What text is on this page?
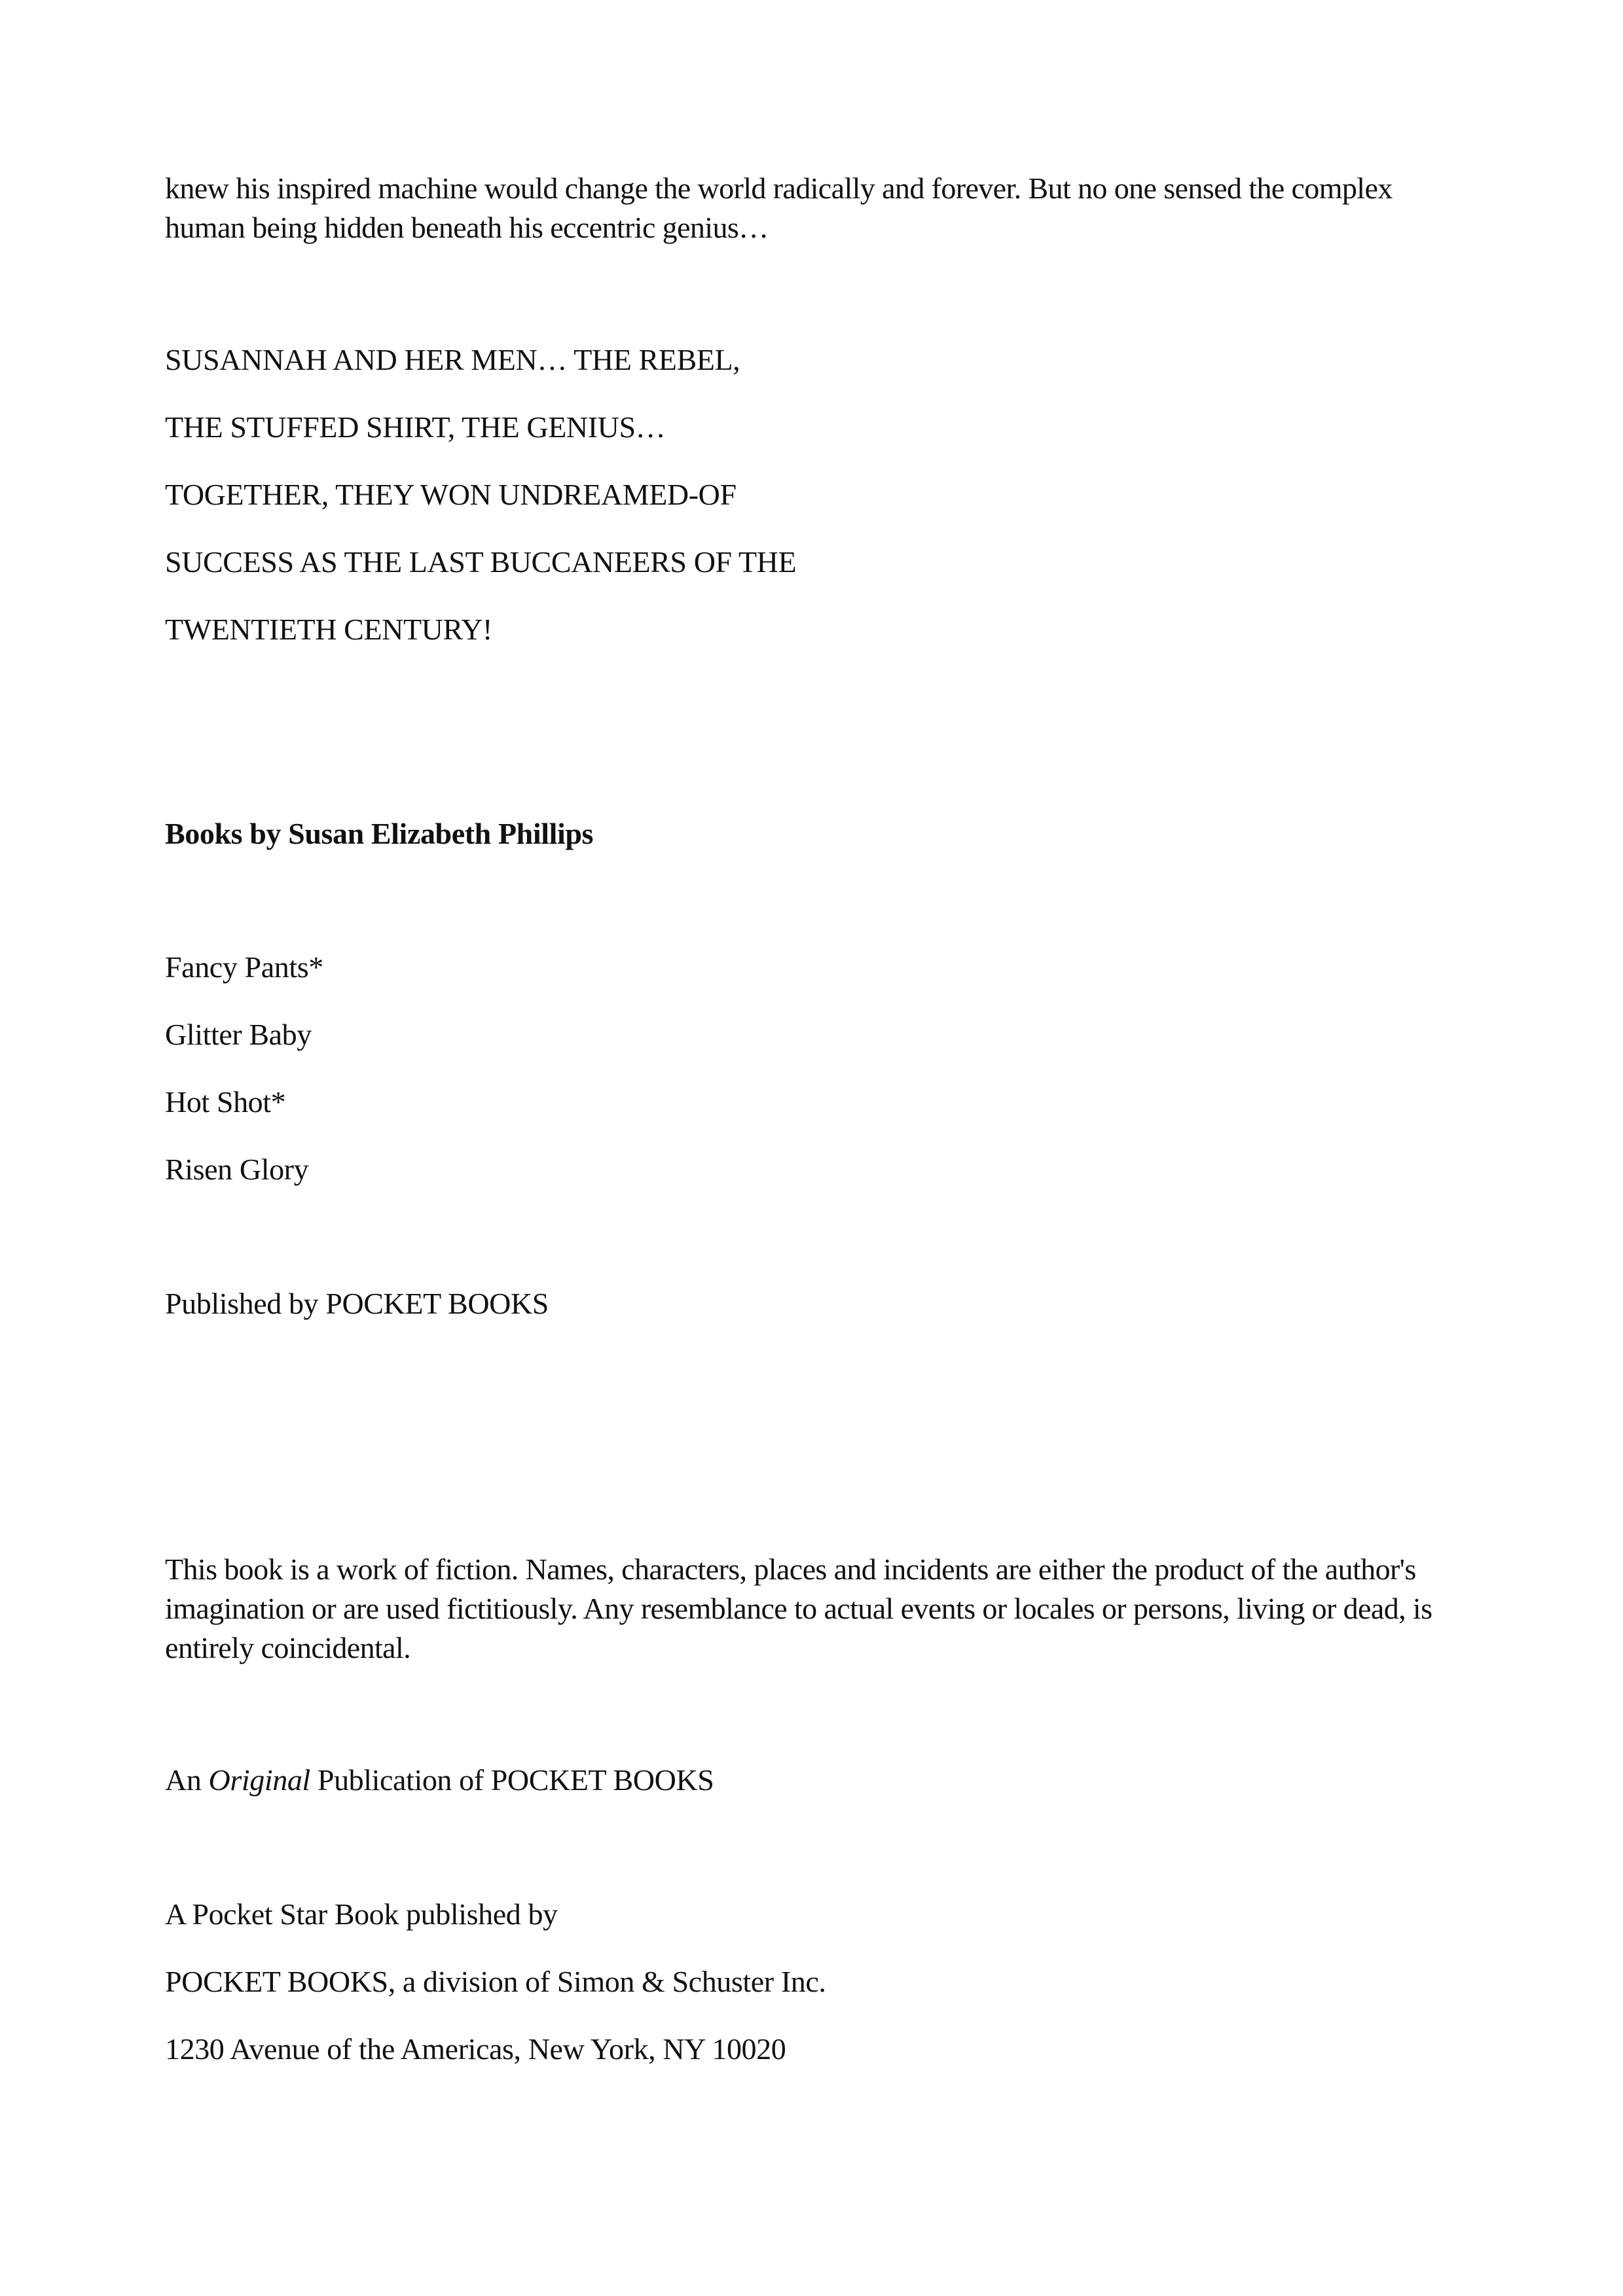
knew his inspired machine would change the world radically and forever. But no one sensed the complex human being hidden beneath his eccentric genius…
SUSANNAH AND HER MEN… THE REBEL,
THE STUFFED SHIRT, THE GENIUS…
TOGETHER, THEY WON UNDREAMED-OF
SUCCESS AS THE LAST BUCCANEERS OF THE
TWENTIETH CENTURY!
Books by Susan Elizabeth Phillips
Fancy Pants*
Glitter Baby
Hot Shot*
Risen Glory
Published by POCKET BOOKS
This book is a work of fiction. Names, characters, places and incidents are either the product of the author's imagination or are used fictitiously. Any resemblance to actual events or locales or persons, living or dead, is entirely coincidental.
An Original Publication of POCKET BOOKS
A Pocket Star Book published by
POCKET BOOKS, a division of Simon & Schuster Inc.
1230 Avenue of the Americas, New York, NY 10020
